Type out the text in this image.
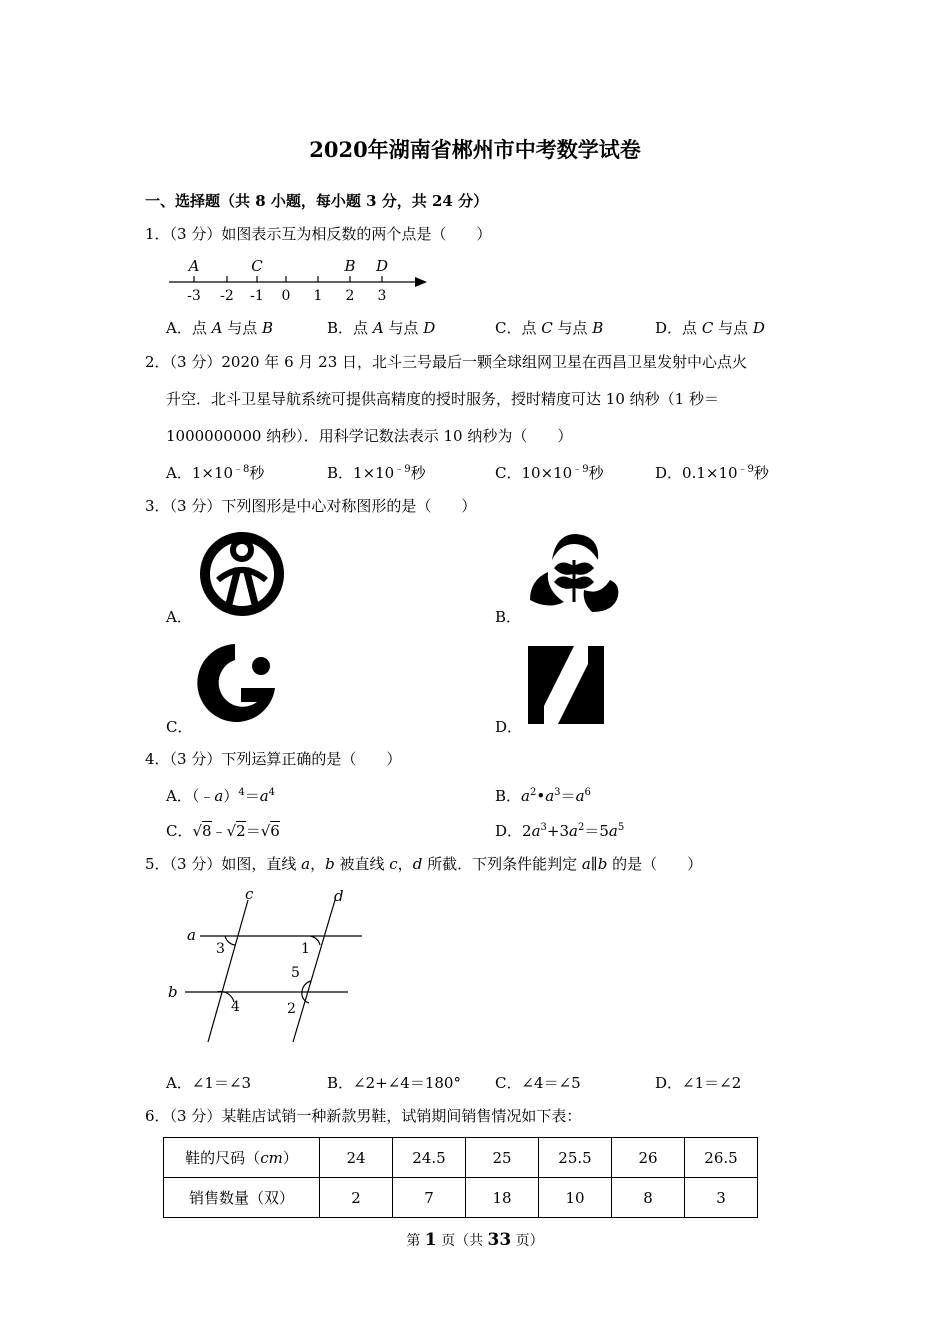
2020年湖南省郴州市中考数学试卷
一、选择题（共 8 小题，每小题 3 分，共 24 分）
1．（3 分）如图表示互为相反数的两个点是（　　）
-3 -2 -1 0 1 2 3
A	C	B D
A．点 A 与点 B	B．点 A 与点 D	C．点 C 与点 B	D．点 C 与点 D
2．（3 分）2020 年 6 月 23 日，北斗三号最后一颗全球组网卫星在西昌卫星发射中心点火
升空．北斗卫星导航系统可提供高精度的授时服务，授时精度可达 10 纳秒（1 秒＝
1000000000 纳秒）．用科学记数法表示 10 纳秒为（　　）
A．$1\times 10^{﹣8}$秒	B．$1\times 10^{﹣9}$秒	C．$10\times 10^{﹣9}$秒	D．$0.1\times 10^{﹣9}$秒
3．（3 分）下列图形是中心对称图形的是（　　）
A．	B．
C．	D．
4．（3 分）下列运算正确的是（　　）
A．$(﹣a)^4=a^4$	B．$a^2•a^3=a^6$
C．√8﹣√2＝√6	D．$2a^3+3a^2=5a^5$
5．（3 分）如图，直线 a，b 被直线 c，d 所截．下列条件能判定 a∥b 的是（　　）
c	d
a
b
1
2
3
4
5
A．∠1＝∠3	B．∠2+∠4＝180° C．∠4＝∠5	D．∠1＝∠2
6．（3 分）某鞋店试销一种新款男鞋，试销期间销售情况如下表：
鞋的尺码（cm）	24	24.5	25	25.5	26	26.5
销售数量（双）	2	7	18	10	8	3
第 1 页（共 33 页）
